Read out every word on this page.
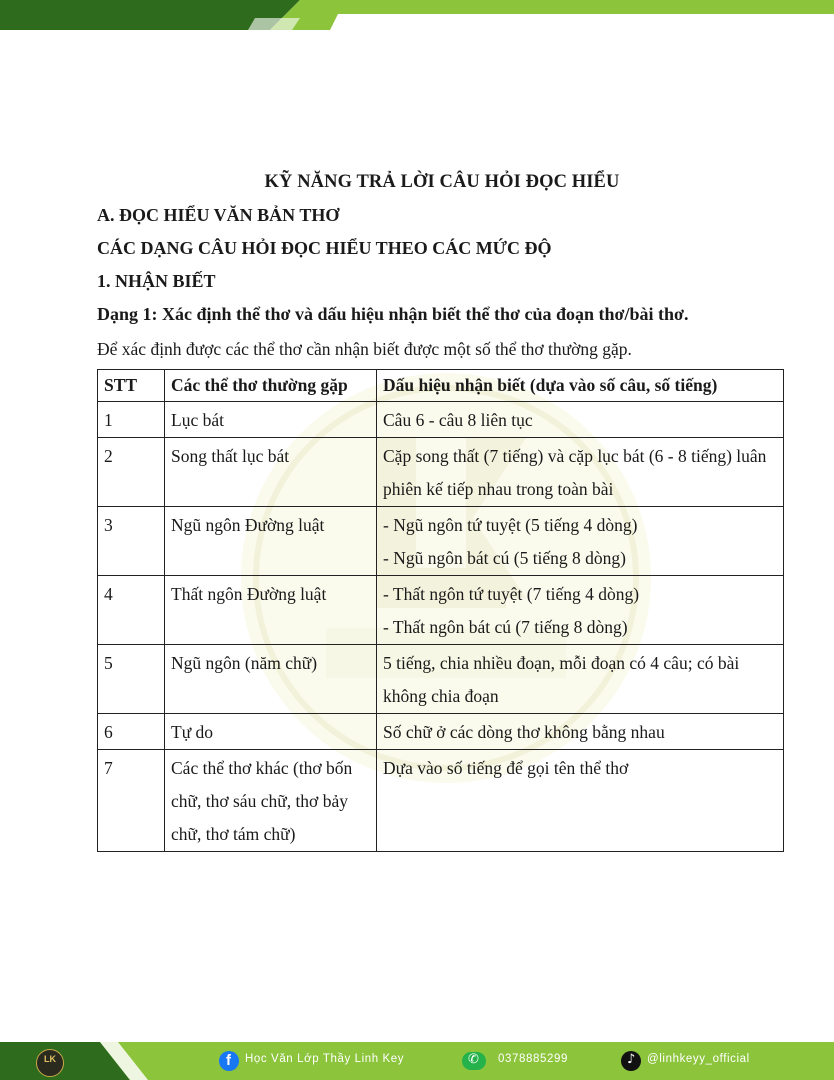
KỸ NĂNG TRẢ LỜI CÂU HỎI ĐỌC HIỂU
A. ĐỌC HIỂU VĂN BẢN THƠ
CÁC DẠNG CÂU HỎI ĐỌC HIỂU THEO CÁC MỨC ĐỘ
1. NHẬN BIẾT
Dạng 1: Xác định thể thơ và dấu hiệu nhận biết thể thơ của đoạn thơ/bài thơ.
Để xác định được các thể thơ cần nhận biết được một số thể thơ thường gặp.
STT	Các thể thơ thường gặp	Dấu hiệu nhận biết (dựa vào số câu, số tiếng)
1	Lục bát	Câu 6 - câu 8 liên tục

2	Song thất lục bát	Cặp song thất (7 tiếng) và cặp lục bát (6 - 8 tiếng) luân phiên kế tiếp nhau trong toàn bài

3	Ngũ ngôn Đường luật	- Ngũ ngôn tứ tuyệt (5 tiếng 4 dòng)
- Ngũ ngôn bát cú (5 tiếng 8 dòng)

4	Thất ngôn Đường luật	- Thất ngôn tứ tuyệt (7 tiếng 4 dòng)
- Thất ngôn bát cú (7 tiếng 8 dòng)

5	Ngũ ngôn (năm chữ)	5 tiếng, chia nhiều đoạn, mỗi đoạn có 4 câu; có bài không chia đoạn

6	Tự do	Số chữ ở các dòng thơ không bằng nhau

7	Các thể thơ khác (thơ bốn chữ, thơ sáu chữ, thơ bảy chữ, thơ tám chữ)	Dựa vào số tiếng để gọi tên thể thơ
LK	f Học Văn Lớp Thầy Linh Key	✆ 0378885299	♪ @linhkeyy_official
